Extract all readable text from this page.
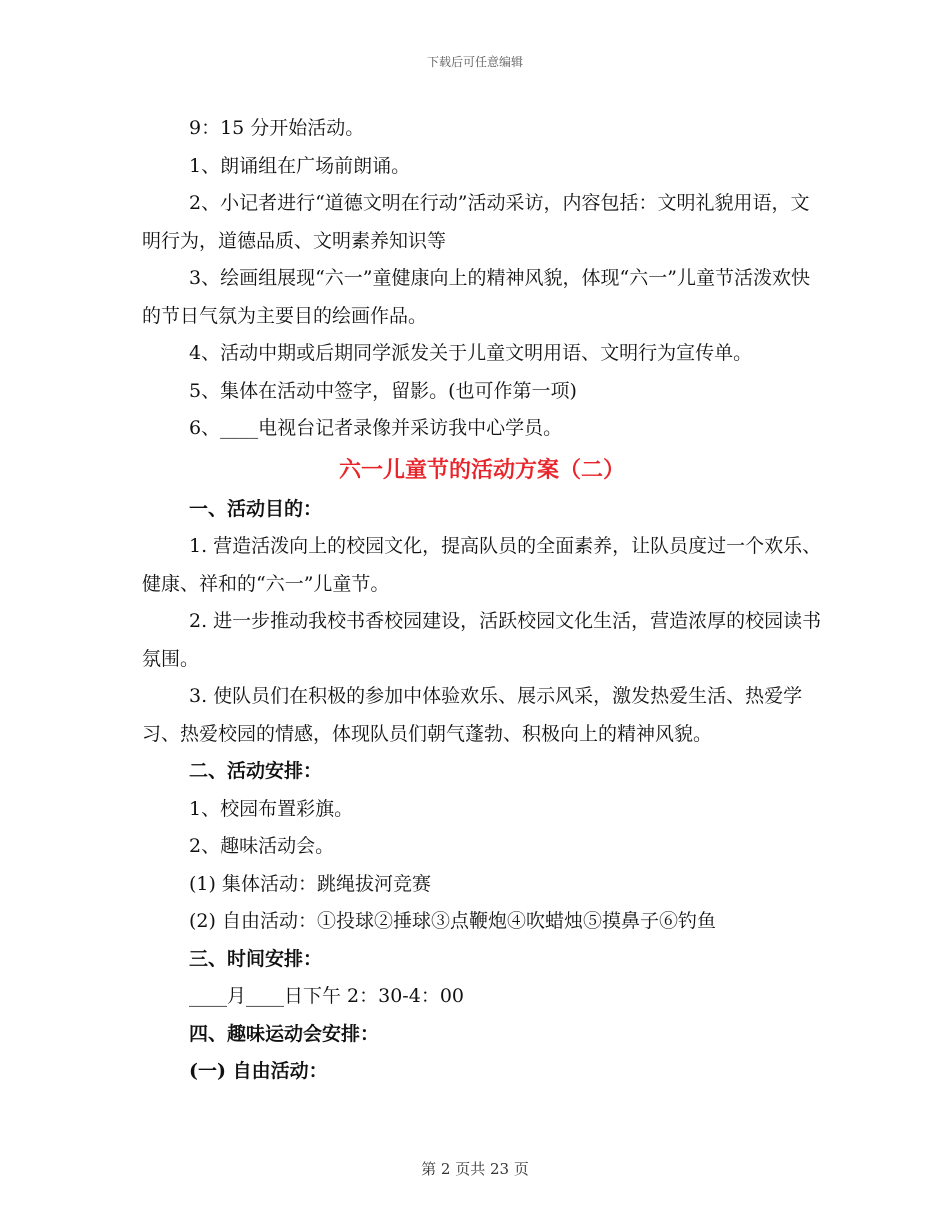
下载后可任意编辑

9：15 分开始活动。

1、朗诵组在广场前朗诵。

2、小记者进行“道德文明在行动”活动采访，内容包括：文明礼貌用语，文明行为，道德品质、文明素养知识等

3、绘画组展现“六一”童健康向上的精神风貌，体现“六一”儿童节活泼欢快的节日气氛为主要目的绘画作品。

4、活动中期或后期同学派发关于儿童文明用语、文明行为宣传单。

5、集体在活动中签字，留影。(也可作第一项)

6、____电视台记者录像并采访我中心学员。

六一儿童节的活动方案（二）

一、活动目的：

1. 营造活泼向上的校园文化，提高队员的全面素养，让队员度过一个欢乐、健康、祥和的“六一”儿童节。

2. 进一步推动我校书香校园建设，活跃校园文化生活，营造浓厚的校园读书氛围。

3. 使队员们在积极的参加中体验欢乐、展示风采，激发热爱生活、热爱学习、热爱校园的情感，体现队员们朝气蓬勃、积极向上的精神风貌。

二、活动安排：

1、校园布置彩旗。

2、趣味活动会。

(1) 集体活动：跳绳拔河竞赛

(2) 自由活动：①投球②捶球③点鞭炮④吹蜡烛⑤摸鼻子⑥钓鱼

三、时间安排：

____月____日下午 2：30-4：00

四、趣味运动会安排：

(一) 自由活动：

第 2 页共 23 页
